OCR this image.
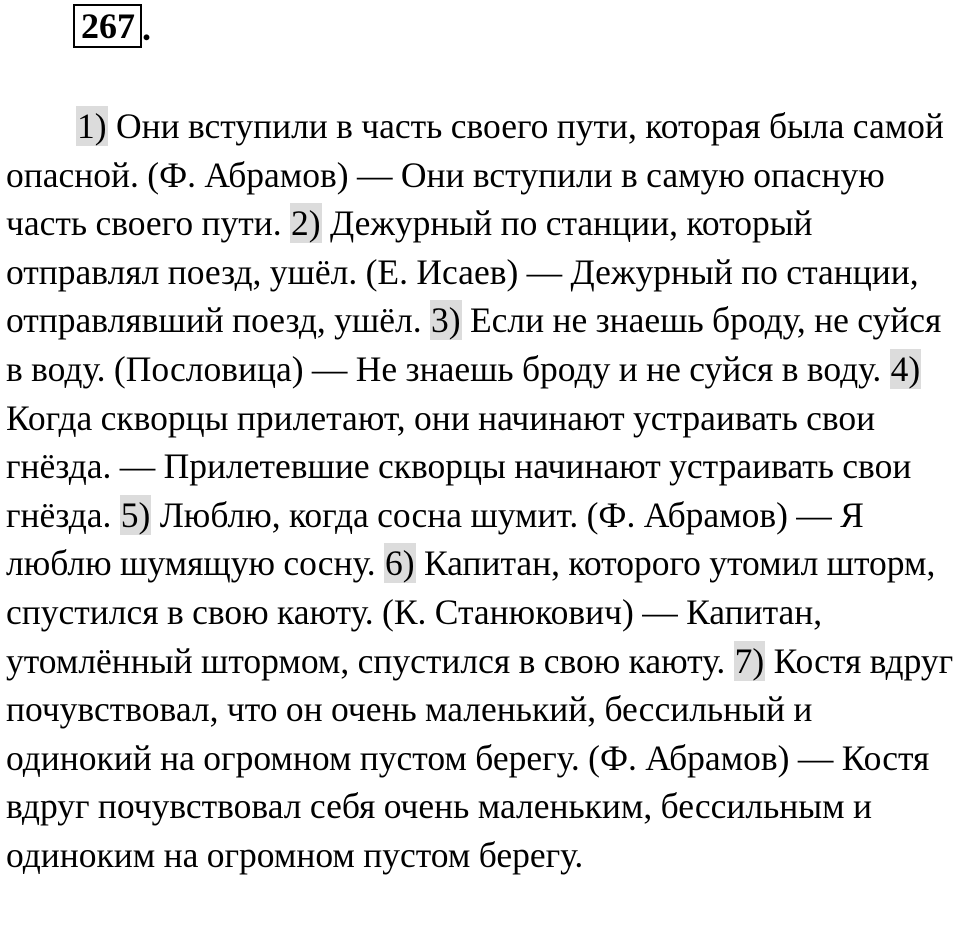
267 .

1) Они вступили в часть своего пути, которая была самой опасной. (Ф. Абрамов) — Они вступили в самую опасную часть своего пути. 2) Дежурный по станции, который отправлял поезд, ушёл. (Е. Исаев) — Дежурный по станции, отправлявший поезд, ушёл. 3) Если не знаешь броду, не суйся в воду. (Пословица) — Не знаешь броду и не суйся в воду. 4) Когда скворцы прилетают, они начинают устраивать свои гнёзда. — Прилетевшие скворцы начинают устраивать свои гнёзда. 5) Люблю, когда сосна шумит. (Ф. Абрамов) — Я люблю шумящую сосну. 6) Капитан, которого утомил шторм, спустился в свою каюту. (К. Станюкович) — Капитан, утомлённый штормом, спустился в свою каюту. 7) Костя вдруг почувствовал, что он очень маленький, бессильный и одинокий на огромном пустом берегу. (Ф. Абрамов) — Костя вдруг почувствовал себя очень маленьким, бессильным и одиноким на огромном пустом берегу.
